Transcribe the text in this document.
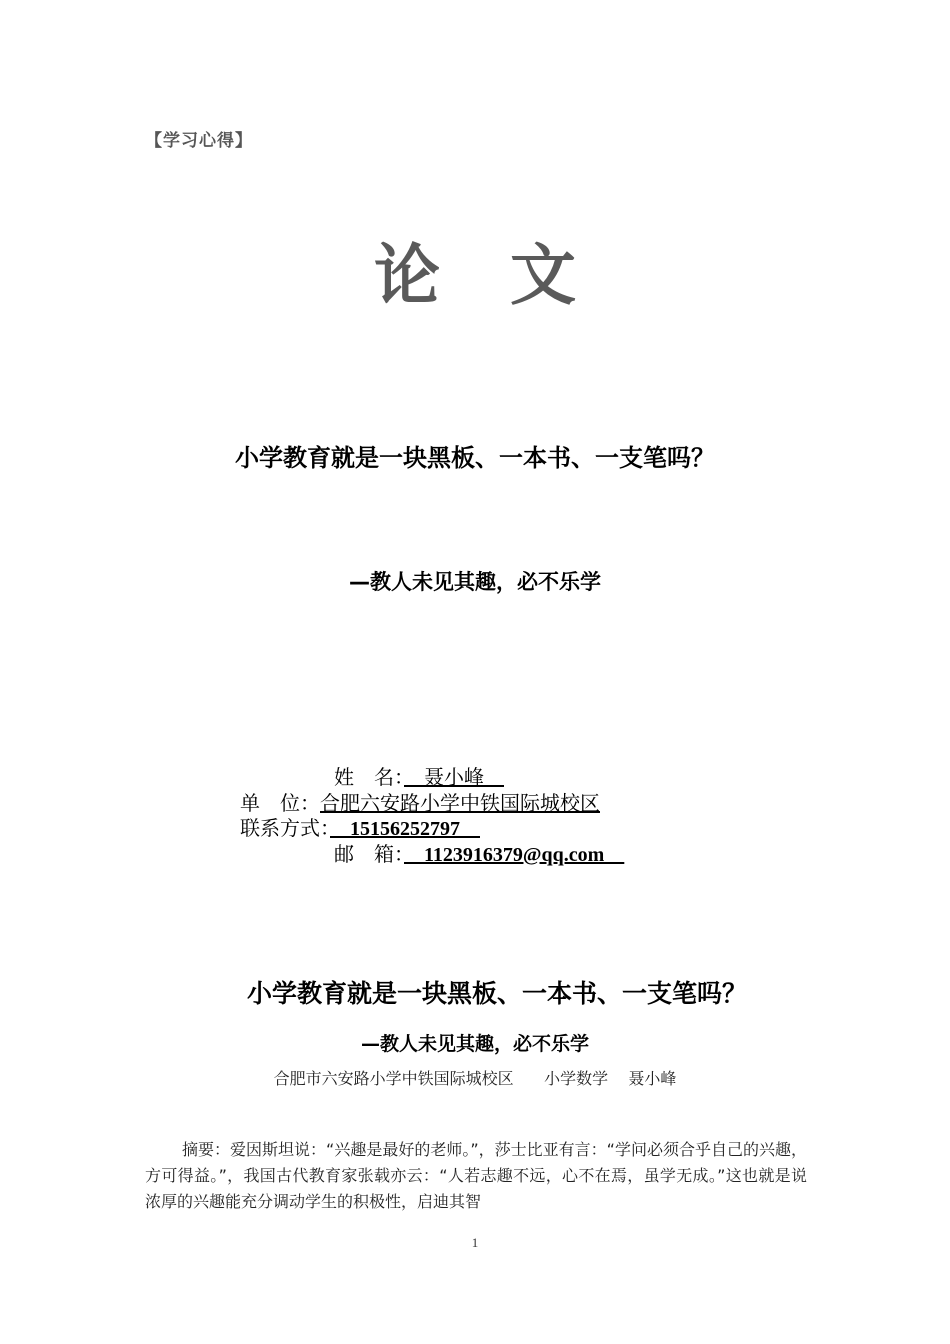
【学习心得】
论文
小学教育就是一块黑板、一本书、一支笔吗？
—教人未见其趣，必不乐学
姓　名：　聂小峰　
单　位：合肥六安路小学中铁国际城校区
联系方式：　15156252797　
邮　箱：　1123916379@qq.com　
小学教育就是一块黑板、一本书、一支笔吗？
—教人未见其趣，必不乐学
合肥市六安路小学中铁国际城校区      小学数学    聂小峰
摘要：爱因斯坦说：“兴趣是最好的老师。”，莎士比亚有言：“学问必须合乎自己的兴趣，方可得益。”，我国古代教育家张载亦云：“人若志趣不远，心不在焉，虽学无成。”这也就是说浓厚的兴趣能充分调动学生的积极性，启迪其智
1
